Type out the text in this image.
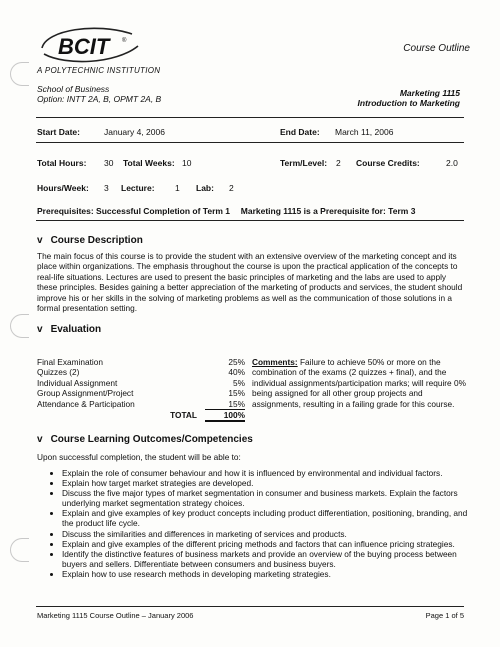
BCIT ®
A POLYTECHNIC INSTITUTION
Course Outline
School of Business
Option: INTT 2A, B, OPMT 2A, B
Marketing 1115
Introduction to Marketing
Start Date:	January 4, 2006	End Date: March 11, 2006
Total Hours: 30 Total Weeks: 10	Term/Level: 2 Course Credits:	2.0
Hours/Week: 3 Lecture: 1 Lab: 2
Prerequisites: Successful Completion of Term 1 Marketing 1115 is a Prerequisite for: Term 3
v Course Description
The main focus of this course is to provide the student with an extensive overview of the marketing concept and its place within organizations. The emphasis throughout the course is upon the practical application of the concepts to real-life situations. Lectures are used to present the basic principles of marketing and the labs are used to apply these principles. Besides gaining a better appreciation of the marketing of products and services, the student should improve his or her skills in the solving of marketing problems as well as the communication of those solutions in a formal presentation setting.
v Evaluation
Final Examination	25%
Quizzes (2)	40%
Individual Assignment	5%
Group Assignment/Project	15%
Attendance & Participation	15%
TOTAL	100%
Comments: Failure to achieve 50% or more on the combination of the exams (2 quizzes + final), and the individual assignments/participation marks; will require 0% being assigned for all other group projects and assignments, resulting in a failing grade for this course.
v Course Learning Outcomes/Competencies
Upon successful completion, the student will be able to:
• Explain the role of consumer behaviour and how it is influenced by environmental and individual factors.
• Explain how target market strategies are developed.
• Discuss the five major types of market segmentation in consumer and business markets. Explain the factors underlying market segmentation strategy choices.
• Explain and give examples of key product concepts including product differentiation, positioning, branding, and the product life cycle.
• Discuss the similarities and differences in marketing of services and products.
• Explain and give examples of the different pricing methods and factors that can influence pricing strategies.
• Identify the distinctive features of business markets and provide an overview of the buying process between buyers and sellers. Differentiate between consumers and business buyers.
• Explain how to use research methods in developing marketing strategies.
Marketing 1115 Course Outline – January 2006	Page 1 of 5
